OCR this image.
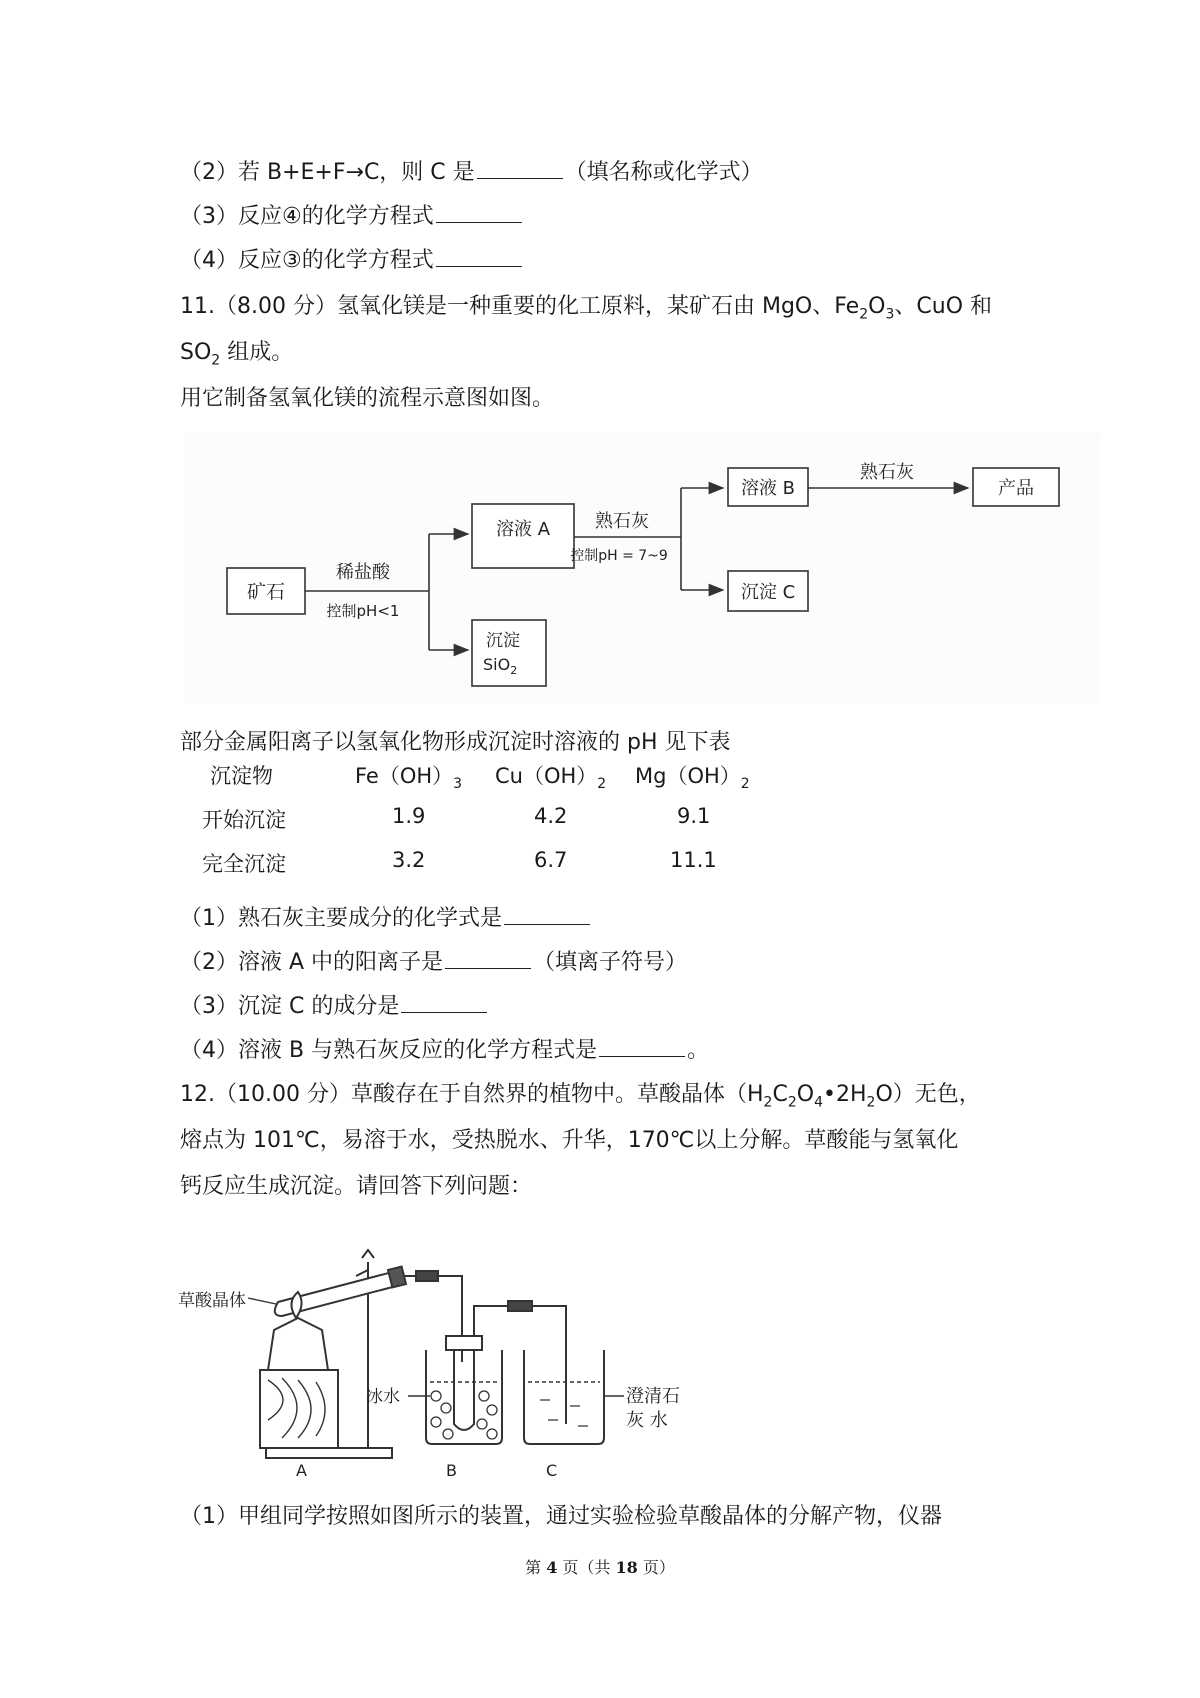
（2）若 B+E+F→C，则 C 是	（填名称或化学式）
（3）反应④的化学方程式
（4）反应③的化学方程式
11.（8.00 分）氢氧化镁是一种重要的化工原料，某矿石由 MgO、$Fe_2O_3$、CuO 和
$SO_2$ 组成。
用它制备氢氧化镁的流程示意图如图。
矿石
稀盐酸
控制pH<1
溶液 A
沉淀
SiO$_2$
熟石灰
控制pH = 7~9
溶液 B
沉淀 C
熟石灰
产品
部分金属阳离子以氢氧化物形成沉淀时溶液的 pH 见下表
沉淀物	$Fe(OH)_3$ $Cu(OH)_2$ $Mg(OH)_2$
开始沉淀	1.9	4.2	9.1
完全沉淀	3.2	6.7	11.1
（1）熟石灰主要成分的化学式是
（2）溶液 A 中的阳离子是	（填离子符号）
（3）沉淀 C 的成分是
（4）溶液 B 与熟石灰反应的化学方程式是	。
12.（10.00 分）草酸存在于自然界的植物中。草酸晶体$(H_2C_2O_4•2H_2O)$无色，
熔点为 101℃，易溶于水，受热脱水、升华，170℃以上分解。草酸能与氢氧化
钙反应生成沉淀。请回答下列问题：
草酸晶体
冰水	澄清石
灰 水
A	B	C
（1）甲组同学按照如图所示的装置，通过实验检验草酸晶体的分解产物，仪器
第 4 页（共 18 页）
